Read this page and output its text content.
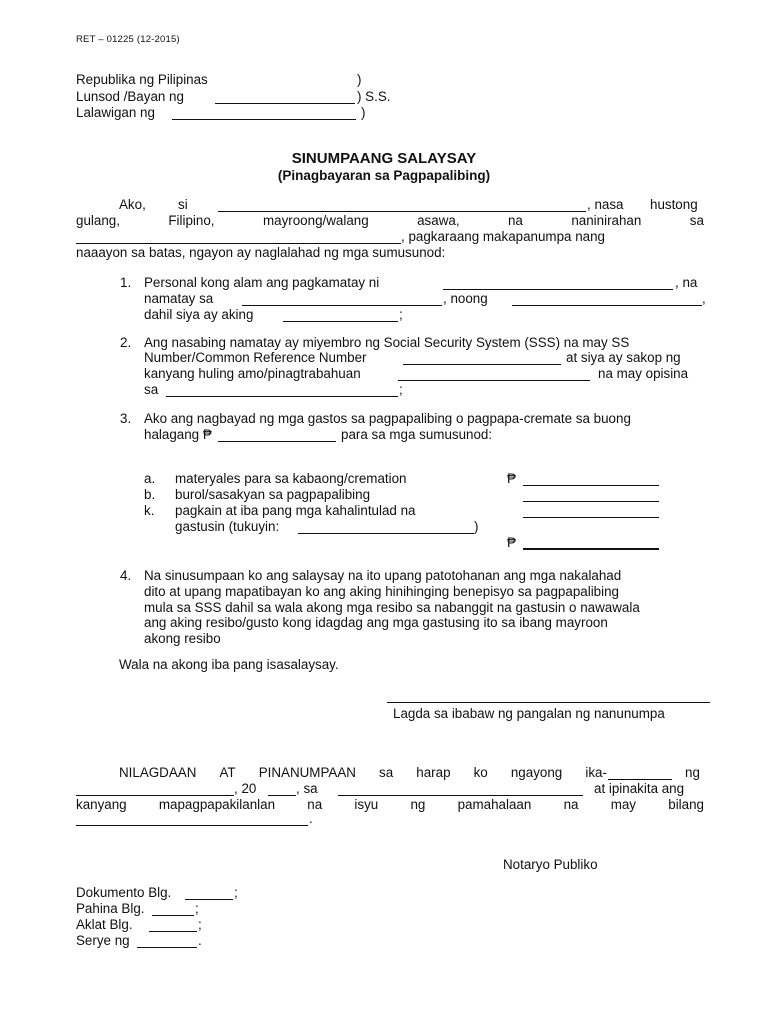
RET – 01225 (12-2015)
Republika ng Pilipinas	)
Lunsod /Bayan ng	) S.S.
Lalawigan ng	)
SINUMPAANG SALAYSAY
(Pinagbayaran sa Pagpapalibing)
Ako, si	, nasa hustong
gulang,	Filipino,	mayroong/walang	asawa,	na	naninirahan	sa
, pagkaraang makapanumpa nang
naaayon sa batas, ngayon ay naglalahad ng mga sumusunod:
1. Personal kong alam ang pagkamatay ni	, na
namatay sa	, noong	,
dahil siya ay aking	;
2. Ang nasabing namatay ay miyembro ng Social Security System (SSS) na may SS
Number/Common Reference Number	at siya ay sakop ng
kanyang huling amo/pinagtrabahuan	na may opisina
sa	;
3. Ako ang nagbayad ng mga gastos sa pagpapalibing o pagpapa-cremate sa buong
halagang ₱	para sa mga sumusunod:
a. materyales para sa kabaong/cremation	₱
b. burol/sasakyan sa pagpapalibing
k. pagkain at iba pang mga kahalintulad na
gastusin (tukuyin:	)
₱
4. Na sinusumpaan ko ang salaysay na ito upang patotohanan ang mga nakalahad
dito at upang mapatibayan ko ang aking hinihinging benepisyo sa pagpapalibing
mula sa SSS dahil sa wala akong mga resibo sa nabanggit na gastusin o nawawala
ang aking resibo/gusto kong idagdag ang mga gastusing ito sa ibang mayroon
akong resibo
Wala na akong iba pang isasalaysay.
Lagda sa ibabaw ng pangalan ng nanunumpa
NILAGDAAN AT PINANUMPAAN sa harap ko ngayong ika-	ng
, 20	, sa	at ipinakita ang
kanyang mapagpapakilanlan na isyu ng pamahalaan na may bilang
.
Notaryo Publiko
Dokumento Blg.	;
Pahina Blg.	;
Aklat Blg.	;
Serye ng	.
